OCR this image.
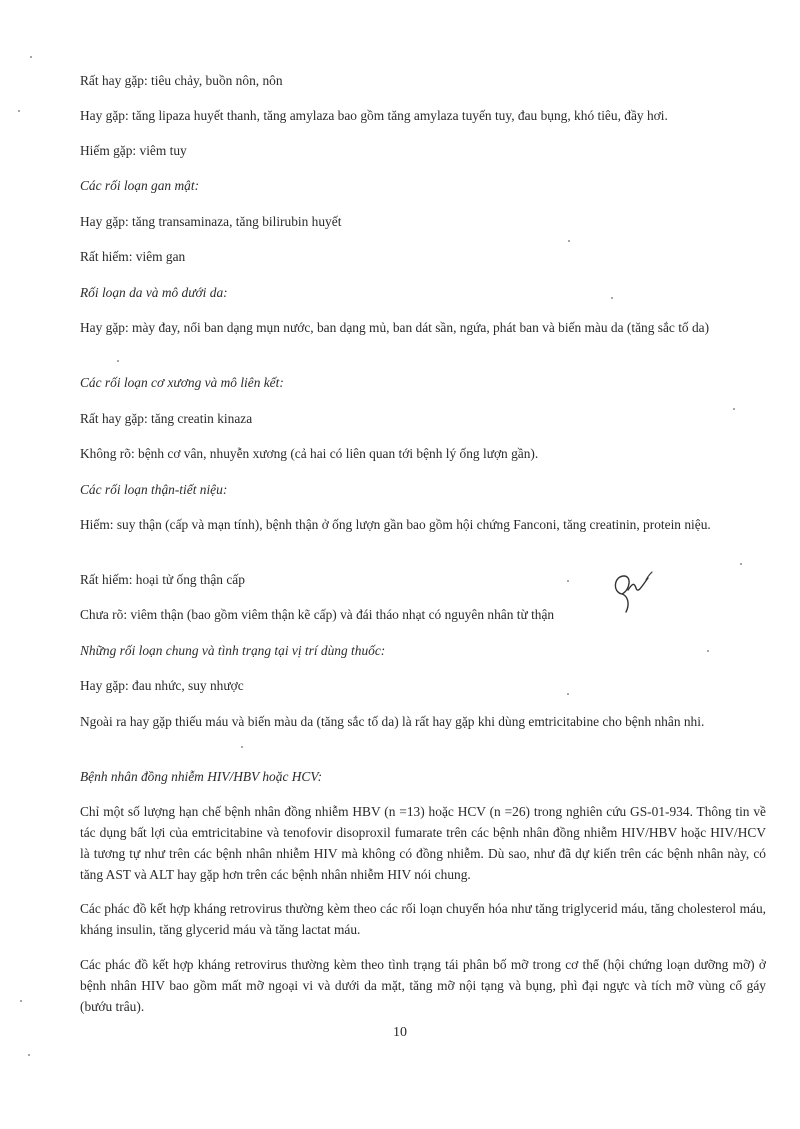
Rất hay gặp: tiêu chảy, buồn nôn, nôn

Hay gặp: tăng lipaza huyết thanh, tăng amylaza bao gồm tăng amylaza tuyến tuy, đau bụng, khó tiêu, đầy hơi.

Hiếm gặp: viêm tuy

Các rối loạn gan mật:

Hay gặp: tăng transaminaza, tăng bilirubin huyết

Rất hiếm: viêm gan

Rối loạn da và mô dưới da:

Hay gặp: mày đay, nổi ban dạng mụn nước, ban dạng mủ, ban dát sần, ngứa, phát ban và biến màu da (tăng sắc tố da)

Các rối loạn cơ xương và mô liên kết:

Rất hay gặp: tăng creatin kinaza

Không rõ: bệnh cơ vân, nhuyễn xương (cả hai có liên quan tới bệnh lý ống lượn gần).

Các rối loạn thận-tiết niệu:

Hiếm: suy thận (cấp và mạn tính), bệnh thận ở ống lượn gần bao gồm hội chứng Fanconi, tăng creatinin, protein niệu.

Rất hiếm: hoại tử ống thận cấp

Chưa rõ: viêm thận (bao gồm viêm thận kẽ cấp) và đái tháo nhạt có nguyên nhân từ thận

Những rối loạn chung và tình trạng tại vị trí dùng thuốc:

Hay gặp: đau nhức, suy nhược

Ngoài ra hay gặp thiếu máu và biến màu da (tăng sắc tố da) là rất hay gặp khi dùng emtricitabine cho bệnh nhân nhi.

Bệnh nhân đồng nhiễm HIV/HBV hoặc HCV:

Chỉ một số lượng hạn chế bệnh nhân đồng nhiễm HBV (n =13) hoặc HCV (n =26) trong nghiên cứu GS-01-934. Thông tin về tác dụng bất lợi của emtricitabine và tenofovir disoproxil fumarate trên các bệnh nhân đồng nhiễm HIV/HBV hoặc HIV/HCV là tương tự như trên các bệnh nhân nhiễm HIV mà không có đồng nhiễm. Dù sao, như đã dự kiến trên các bệnh nhân này, có tăng AST và ALT hay gặp hơn trên các bệnh nhân nhiễm HIV nói chung.

Các phác đồ kết hợp kháng retrovirus thường kèm theo các rối loạn chuyển hóa như tăng triglycerid máu, tăng cholesterol máu, kháng insulin, tăng glycerid máu và tăng lactat máu.

Các phác đồ kết hợp kháng retrovirus thường kèm theo tình trạng tái phân bố mỡ trong cơ thể (hội chứng loạn dưỡng mỡ) ở bệnh nhân HIV bao gồm mất mỡ ngoại vi và dưới da mặt, tăng mỡ nội tạng và bụng, phì đại ngực và tích mỡ vùng cổ gáy (bướu trâu).

10
